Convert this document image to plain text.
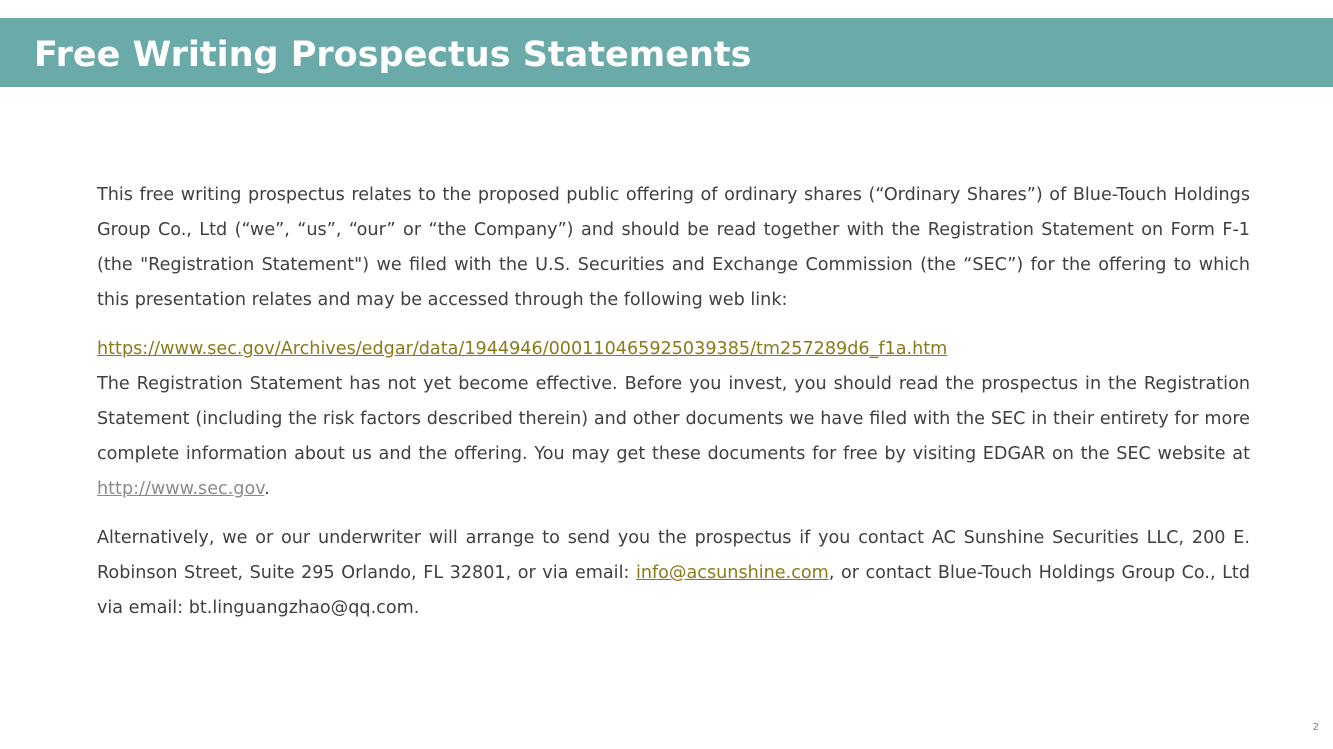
Free Writing Prospectus Statements

This free writing prospectus relates to the proposed public offering of ordinary shares (“Ordinary Shares”) of Blue-Touch Holdings Group Co., Ltd (“we”, “us”, “our” or “the Company”) and should be read together with the Registration Statement on Form F-1 (the "Registration Statement") we filed with the U.S. Securities and Exchange Commission (the “SEC”) for the offering to which this presentation relates and may be accessed through the following web link:

https://www.sec.gov/Archives/edgar/data/1944946/000110465925039385/tm257289d6_f1a.htm

The Registration Statement has not yet become effective. Before you invest, you should read the prospectus in the Registration Statement (including the risk factors described therein) and other documents we have filed with the SEC in their entirety for more complete information about us and the offering. You may get these documents for free by visiting EDGAR on the SEC website at http://www.sec.gov.

Alternatively, we or our underwriter will arrange to send you the prospectus if you contact AC Sunshine Securities LLC, 200 E. Robinson Street, Suite 295 Orlando, FL 32801, or via email: info@acsunshine.com, or contact Blue-Touch Holdings Group Co., Ltd via email: bt.linguangzhao@qq.com.

2
